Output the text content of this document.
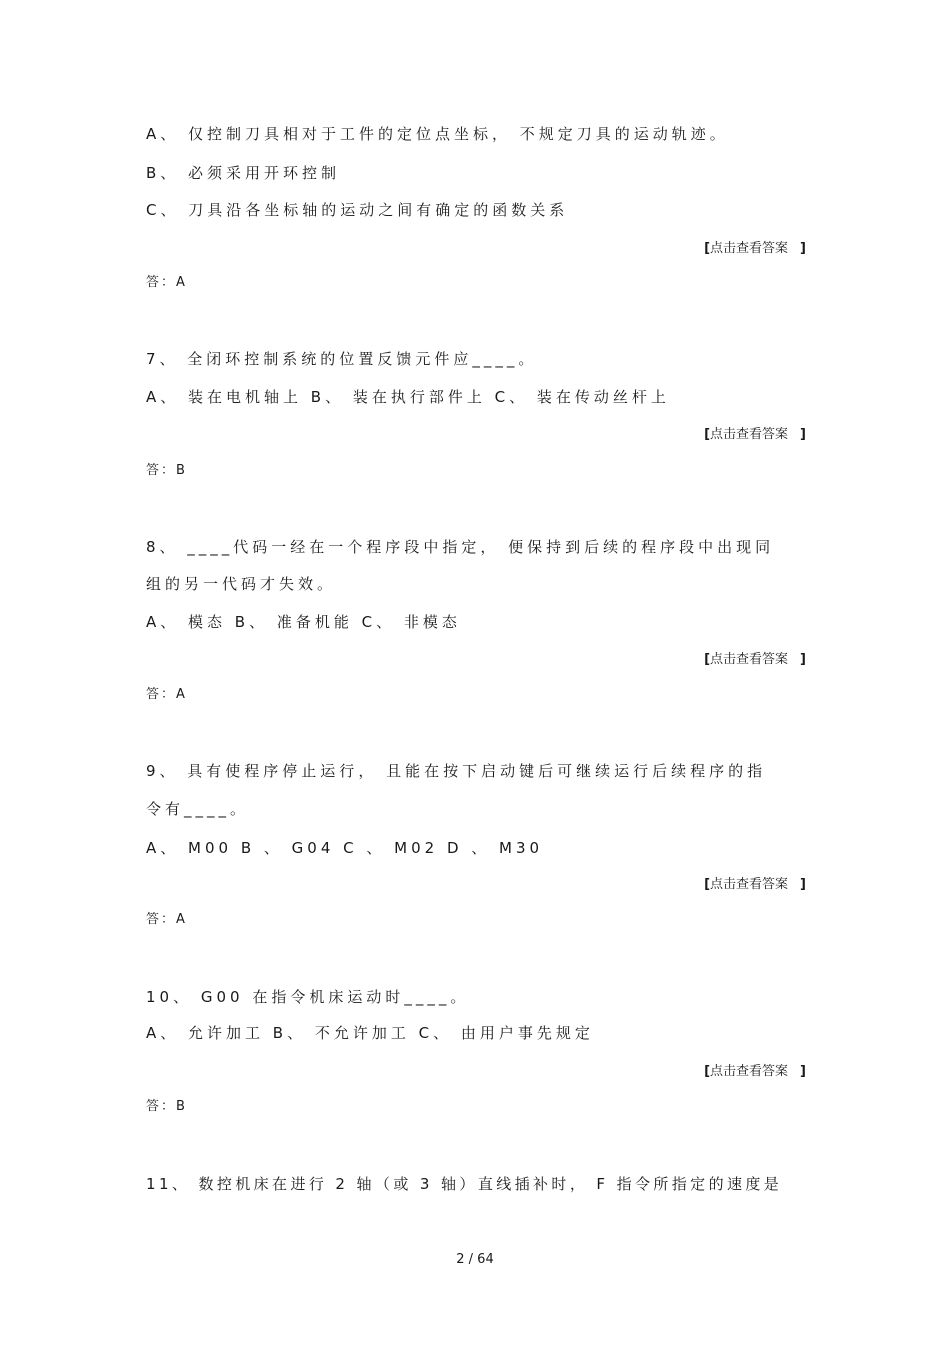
A、 仅控制刀具相对于工件的定位点坐标， 不规定刀具的运动轨迹。
B、 必须采用开环控制
C、 刀具沿各坐标轴的运动之间有确定的函数关系
[点击查看答案 ]
答：A
7、 全闭环控制系统的位置反馈元件应____。
A、 装在电机轴上 B、 装在执行部件上 C、 装在传动丝杆上
[点击查看答案 ]
答：B
8、 ____代码一经在一个程序段中指定， 便保持到后续的程序段中出现同
组的另一代码才失效。
A、 模态 B、 准备机能 C、 非模态
[点击查看答案 ]
答：A
9、 具有使程序停止运行， 且能在按下启动键后可继续运行后续程序的指
令有____。
A、 M00 B 、 G04 C 、 M02 D 、 M30
[点击查看答案 ]
答：A
10、 G00 在指令机床运动时____。
A、 允许加工 B、 不允许加工 C、 由用户事先规定
[点击查看答案 ]
答：B
11、 数控机床在进行 2 轴（或 3 轴）直线插补时， F 指令所指定的速度是
2 / 64
